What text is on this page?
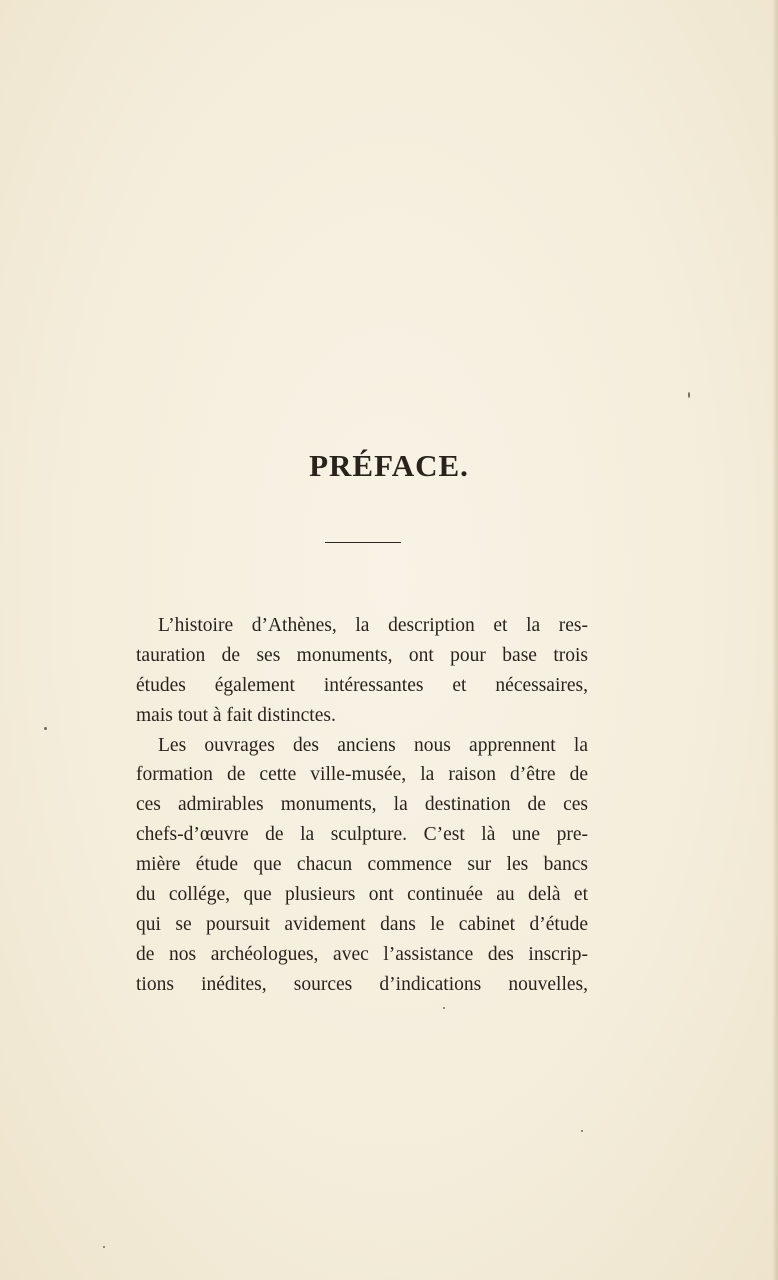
PRÉFACE.
L’histoire d’Athènes, la description et la res-
tauration de ses monuments, ont pour base trois
études également intéressantes et nécessaires,
mais tout à fait distinctes.
Les ouvrages des anciens nous apprennent la
formation de cette ville-musée, la raison d’être de
ces admirables monuments, la destination de ces
chefs-d’œuvre de la sculpture. C’est là une pre-
mière étude que chacun commence sur les bancs
du collége, que plusieurs ont continuée au delà et
qui se poursuit avidement dans le cabinet d’étude
de nos archéologues, avec l’assistance des inscrip-
tions inédites, sources d’indications nouvelles,
